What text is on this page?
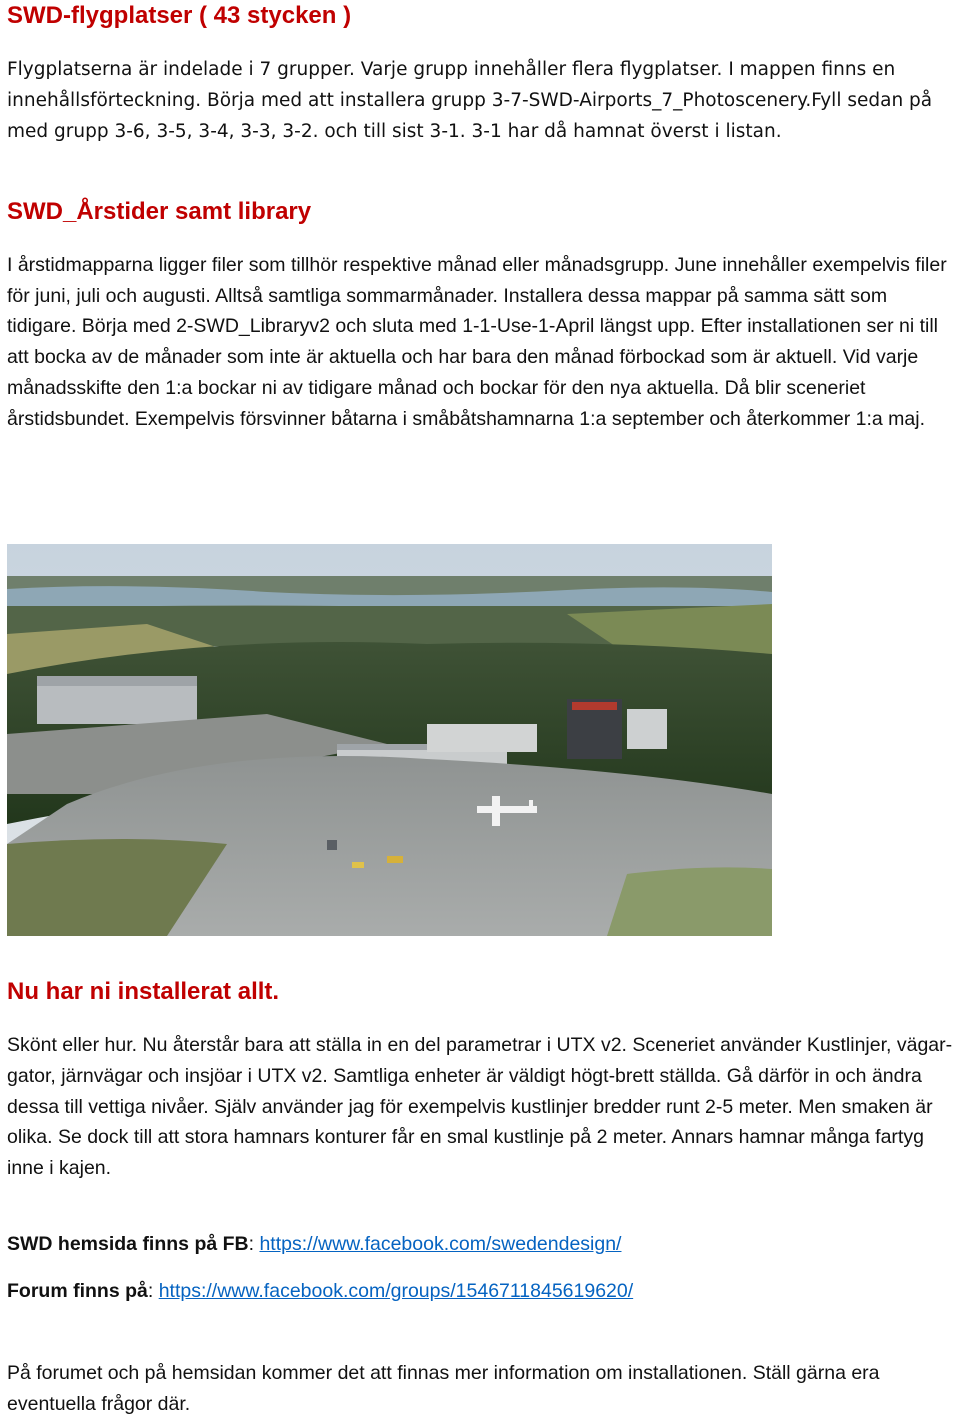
SWD-flygplatser ( 43 stycken )

Flygplatserna är indelade i 7 grupper. Varje grupp innehåller flera flygplatser. I mappen finns en innehållsförteckning. Börja med att installera grupp 3-7-SWD-Airports_7_Photoscenery.Fyll sedan på med grupp 3-6, 3-5, 3-4, 3-3, 3-2. och till sist 3-1. 3-1 har då hamnat överst i listan.

SWD_Årstider samt library

I årstidmapparna ligger filer som tillhör respektive månad eller månadsgrupp. June innehåller exempelvis filer för juni, juli och augusti. Alltså samtliga sommarmånader. Installera dessa mappar på samma sätt som tidigare. Börja med 2-SWD_Libraryv2 och sluta med 1-1-Use-1-April längst upp. Efter installationen ser ni till att bocka av de månader som inte är aktuella och har bara den månad förbockad som är aktuell. Vid varje månadsskifte den 1:a bockar ni av tidigare månad och bockar för den nya aktuella. Då blir sceneriet årstidsbundet. Exempelvis försvinner båtarna i småbåtshamnarna 1:a september och återkommer 1:a maj.

Nu har ni installerat allt.

Skönt eller hur. Nu återstår bara att ställa in en del parametrar i UTX v2. Sceneriet använder Kustlinjer, vägar-gator, järnvägar och insjöar i UTX v2. Samtliga enheter är väldigt högt-brett ställda. Gå därför in och ändra dessa till vettiga nivåer. Själv använder jag för exempelvis kustlinjer bredder runt 2-5 meter. Men smaken är olika. Se dock till att stora hamnars konturer får en smal kustlinje på 2 meter. Annars hamnar många fartyg inne i kajen.

SWD hemsida finns på FB: https://www.facebook.com/swedendesign/

Forum finns på: https://www.facebook.com/groups/1546711845619620/

På forumet och på hemsidan kommer det att finnas mer information om installationen. Ställ gärna era eventuella frågor där.
